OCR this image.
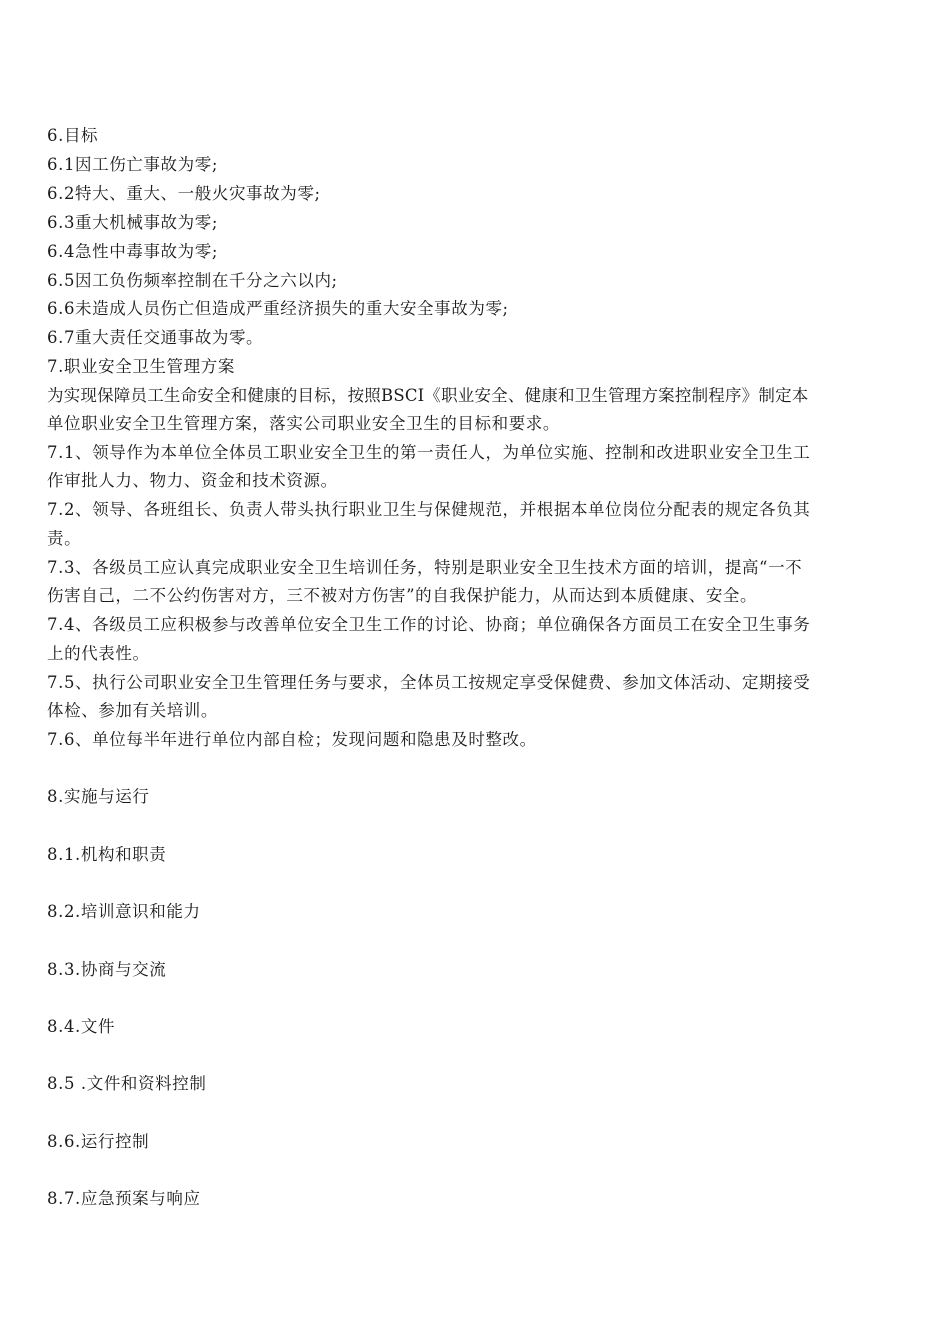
6.目标
6.1因工伤亡事故为零;
6.2特大、重大、一般火灾事故为零;
6.3重大机械事故为零;
6.4急性中毒事故为零;
6.5因工负伤频率控制在千分之六以内;
6.6未造成人员伤亡但造成严重经济损失的重大安全事故为零;
6.7重大责任交通事故为零。
7.职业安全卫生管理方案
为实现保障员工生命安全和健康的目标，按照BSCI《职业安全、健康和卫生管理方案控制程序》制定本
单位职业安全卫生管理方案，落实公司职业安全卫生的目标和要求。
7.1、领导作为本单位全体员工职业安全卫生的第一责任人，为单位实施、控制和改进职业安全卫生工
作审批人力、物力、资金和技术资源。
7.2、领导、各班组长、负责人带头执行职业卫生与保健规范，并根据本单位岗位分配表的规定各负其
责。
7.3、各级员工应认真完成职业安全卫生培训任务，特别是职业安全卫生技术方面的培训，提高“一不
伤害自己，二不公约伤害对方，三不被对方伤害”的自我保护能力，从而达到本质健康、安全。
7.4、各级员工应积极参与改善单位安全卫生工作的讨论、协商；单位确保各方面员工在安全卫生事务
上的代表性。
7.5、执行公司职业安全卫生管理任务与要求，全体员工按规定享受保健费、参加文体活动、定期接受
体检、参加有关培训。
7.6、单位每半年进行单位内部自检；发现问题和隐患及时整改。
8.实施与运行
8.1.机构和职责
8.2.培训意识和能力
8.3.协商与交流
8.4.文件
8.5 .文件和资料控制
8.6.运行控制
8.7.应急预案与响应
